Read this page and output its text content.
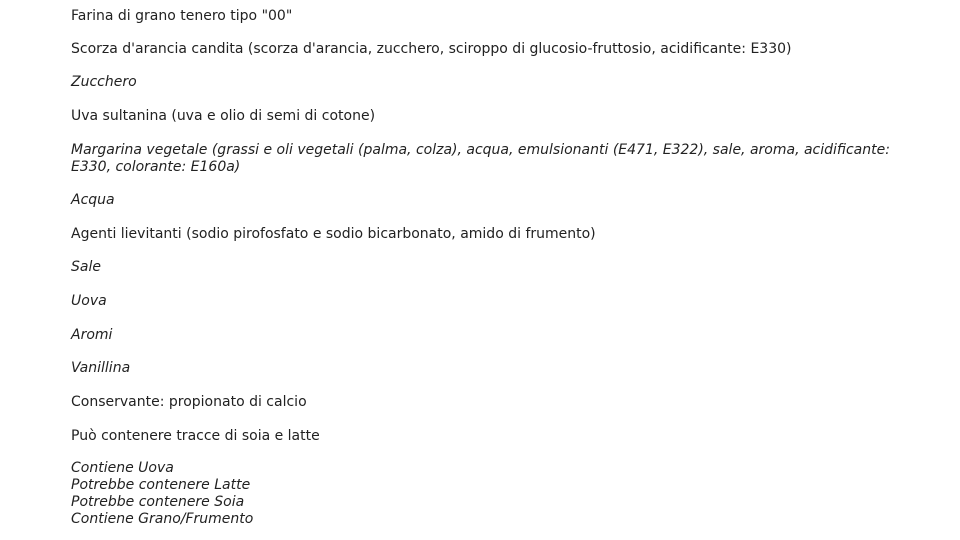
Farina di grano tenero tipo "00"
Scorza d'arancia candita (scorza d'arancia, zucchero, sciroppo di glucosio-fruttosio, acidificante: E330)
Zucchero
Uva sultanina (uva e olio di semi di cotone)
Margarina vegetale (grassi e oli vegetali (palma, colza), acqua, emulsionanti (E471, E322), sale, aroma, acidificante: E330, colorante: E160a)
Acqua
Agenti lievitanti (sodio pirofosfato e sodio bicarbonato, amido di frumento)
Sale
Uova
Aromi
Vanillina
Conservante: propionato di calcio
Può contenere tracce di soia e latte
Contiene Uova
Potrebbe contenere Latte
Potrebbe contenere Soia
Contiene Grano/Frumento
